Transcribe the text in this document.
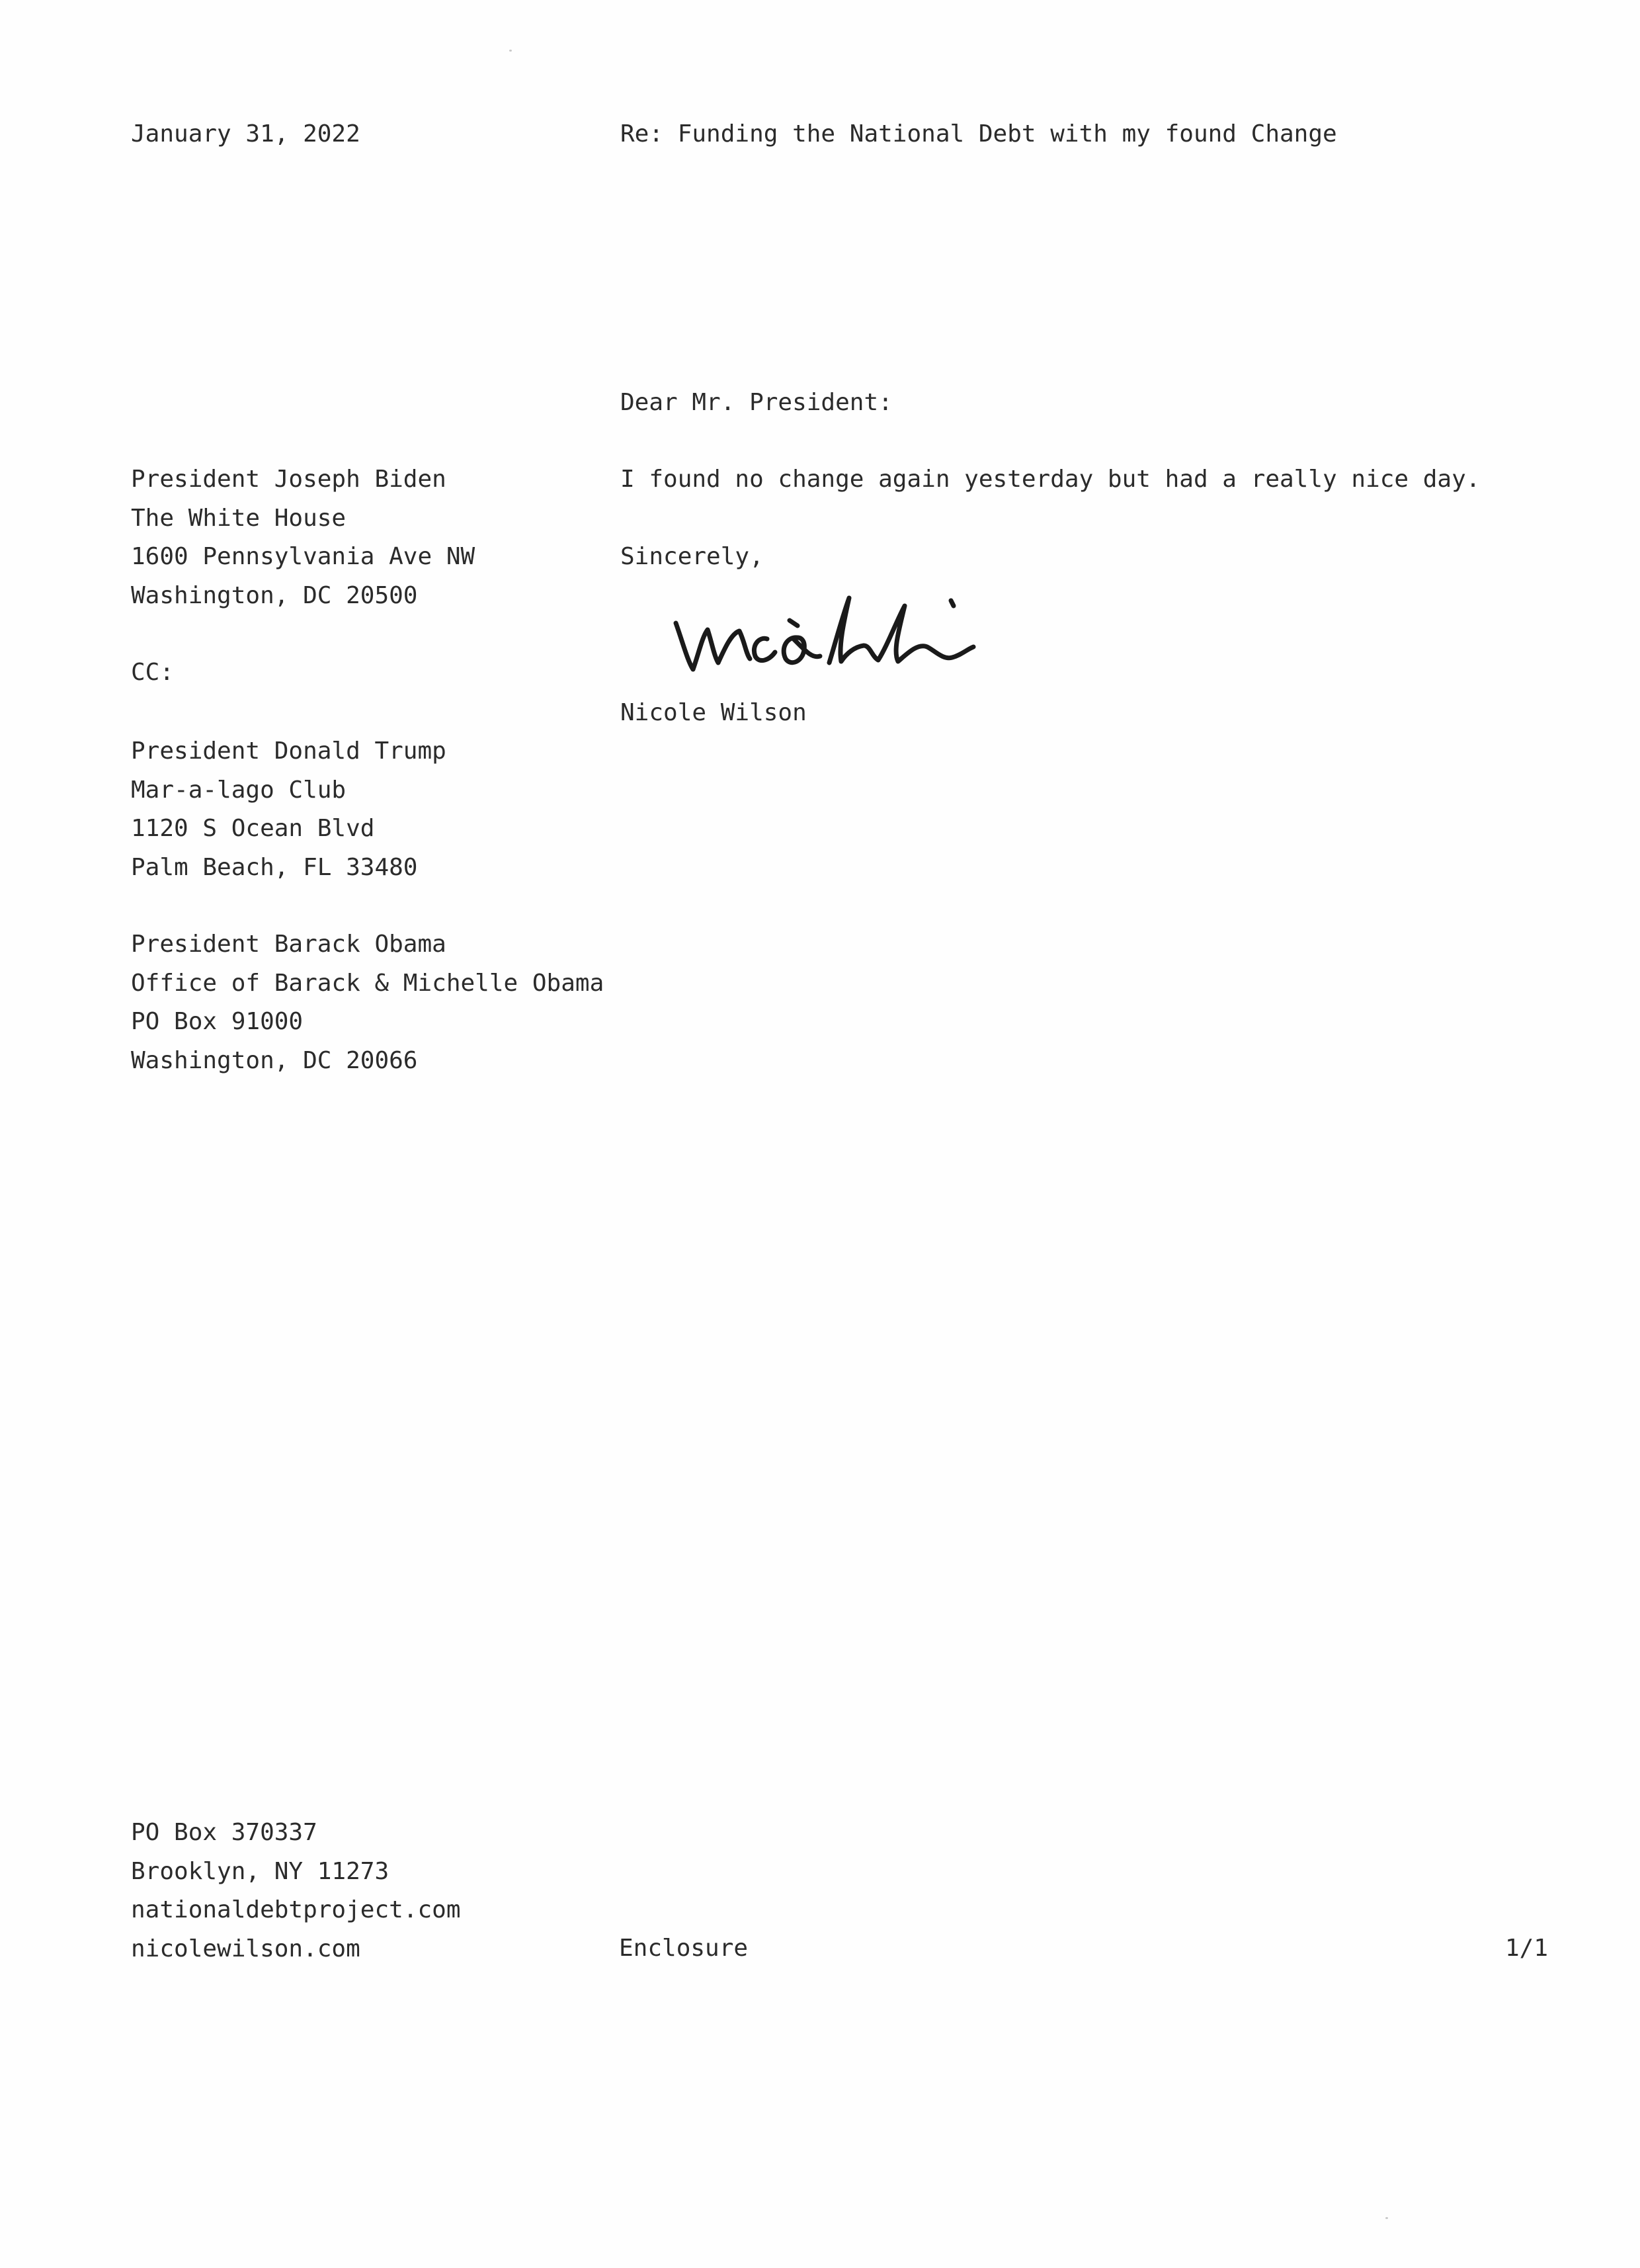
January 31, 2022	Re: Funding the National Debt with my found Change

Dear Mr. President:

President Joseph Biden
The White House
1600 Pennsylvania Ave NW
Washington, DC 20500

I found no change again yesterday but had a really nice day.

Sincerely,

Nicole Wilson

CC:

President Donald Trump
Mar-a-lago Club
1120 S Ocean Blvd
Palm Beach, FL 33480
President Barack Obama
Office of Barack & Michelle Obama
PO Box 91000
Washington, DC 20066
PO Box 370337
Brooklyn, NY 11273
nationaldebtproject.com
nicolewilson.com	Enclosure	1/1
